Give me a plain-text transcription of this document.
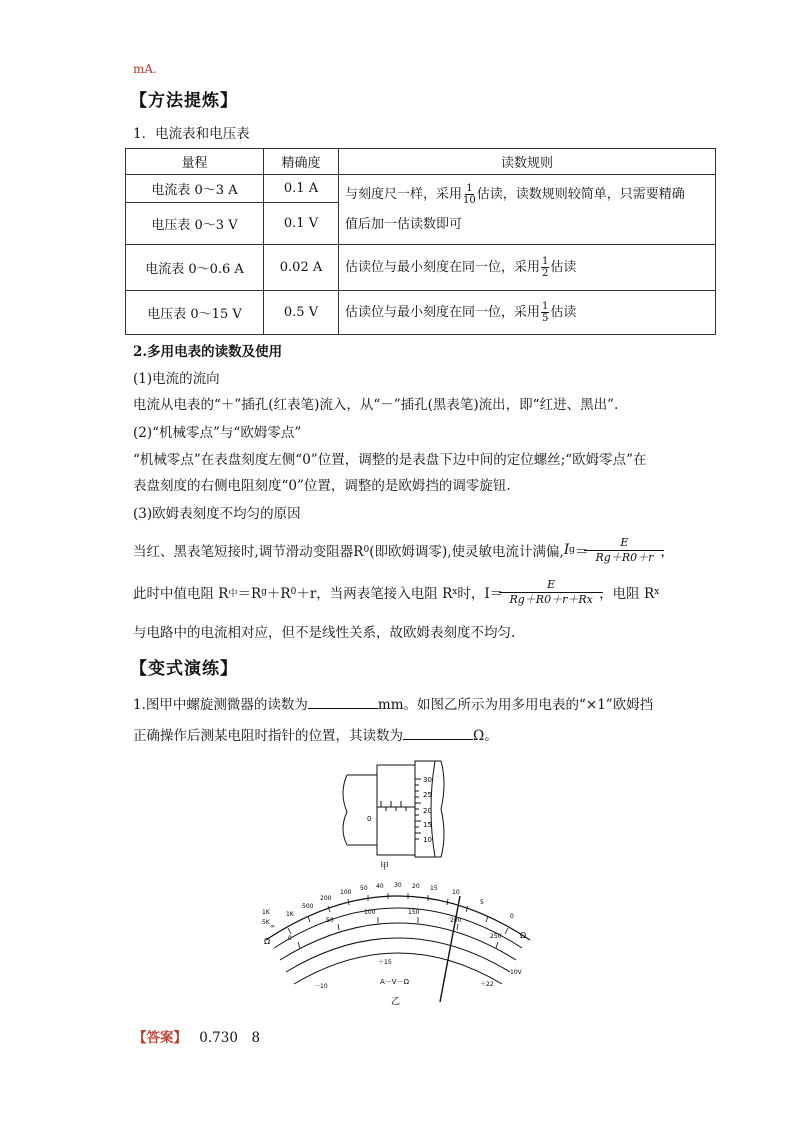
mA.
【方法提炼】
1．电流表和电压表
量程	精确度	读数规则
电流表 0～3 A	0.1 A	与刻度尺一样，采用 $\frac{1}{10}$ 估读，读数规则较简单，只需要精确
值后加一估读数即可
电压表 0～3 V	0.1 V	
电流表 0～0.6 A	0.02 A	估读位与最小刻度在同一位，采用 $\frac{1}{2}$ 估读
电压表 0～15 V	0.5 V	估读位与最小刻度在同一位，采用 $\frac{1}{5}$ 估读
2.多用电表的读数及使用
(1)电流的流向
电流从电表的“＋”插孔(红表笔)流入，从“－”插孔(黑表笔)流出，即“红进、黑出”.
(2)“机械零点”与“欧姆零点”
“机械零点”在表盘刻度左侧“0”位置，调整的是表盘下边中间的定位螺丝;“欧姆零点”在
表盘刻度的右侧电阻刻度“0”位置，调整的是欧姆挡的调零旋钮.
(3)欧姆表刻度不均匀的原因
当红、黑表笔短接时,调节滑动变阻器R 0 (即欧姆调零),使灵敏电流计满偏, I g ＝
E
Rg＋R0＋r ，
此时中值电阻 R 中 ＝R g ＋R 0 ＋r，当两表笔接入电阻 R x 时，I＝
E
Rg＋R0＋r＋Rx ，电阻 R x
与电路中的电流相对应，但不是线性关系，故欧姆表刻度不均匀.
【变式演练】
1.图甲中螺旋测微器的读数为	mm。如图乙所示为用多用电表的“×1”欧姆挡
正确操作后测某电阻时指针的位置，其读数为	Ω。
30
25
20
15
10
0
甲
∞
1K
500
200
100
50 40 30 20 15
10
5
0
0
50
100	150
200
250
－10
＋15
＋22
1K
5K
Ω
10V
Ω
A－V－Ω
乙
【答案】 0.730　8
